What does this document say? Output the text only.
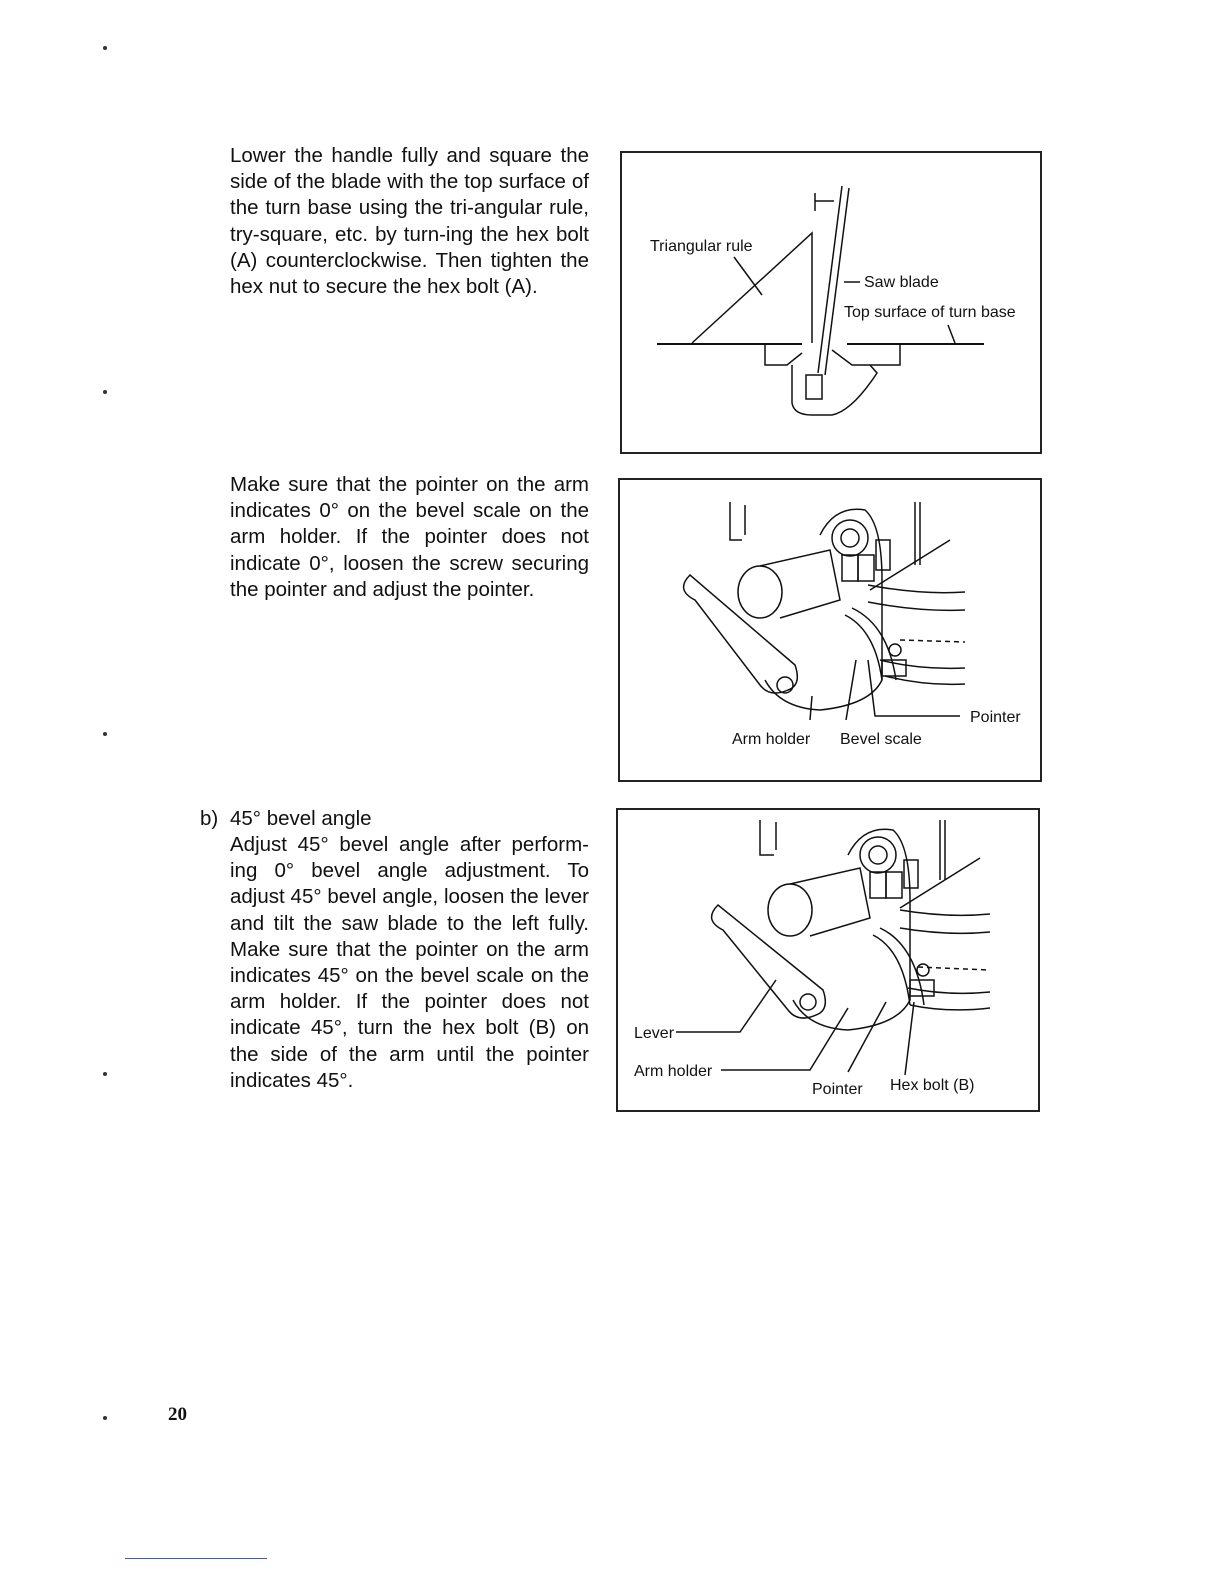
Lower the handle fully and square the side of the blade with the top surface of the turn base using the tri-angular rule, try-square, etc. by turn-ing the hex bolt (A) counterclockwise. Then tighten the hex nut to secure the hex bolt (A).

Triangular rule
Saw blade
Top surface of turn base

Make sure that the pointer on the arm indicates 0° on the bevel scale on the arm holder. If the pointer does not indicate 0°, loosen the screw securing the pointer and adjust the pointer.

Pointer
Arm holder Bevel scale
b) 45° bevel angle

Adjust 45° bevel angle after perform-ing 0° bevel angle adjustment. To adjust 45° bevel angle, loosen the lever and tilt the saw blade to the left fully. Make sure that the pointer on the arm indicates 45° on the bevel scale on the arm holder. If the pointer does not indicate 45°, turn the hex bolt (B) on the side of the arm until the pointer indicates 45°.

Lever
Arm holder
Pointer Hex bolt (B)
20
